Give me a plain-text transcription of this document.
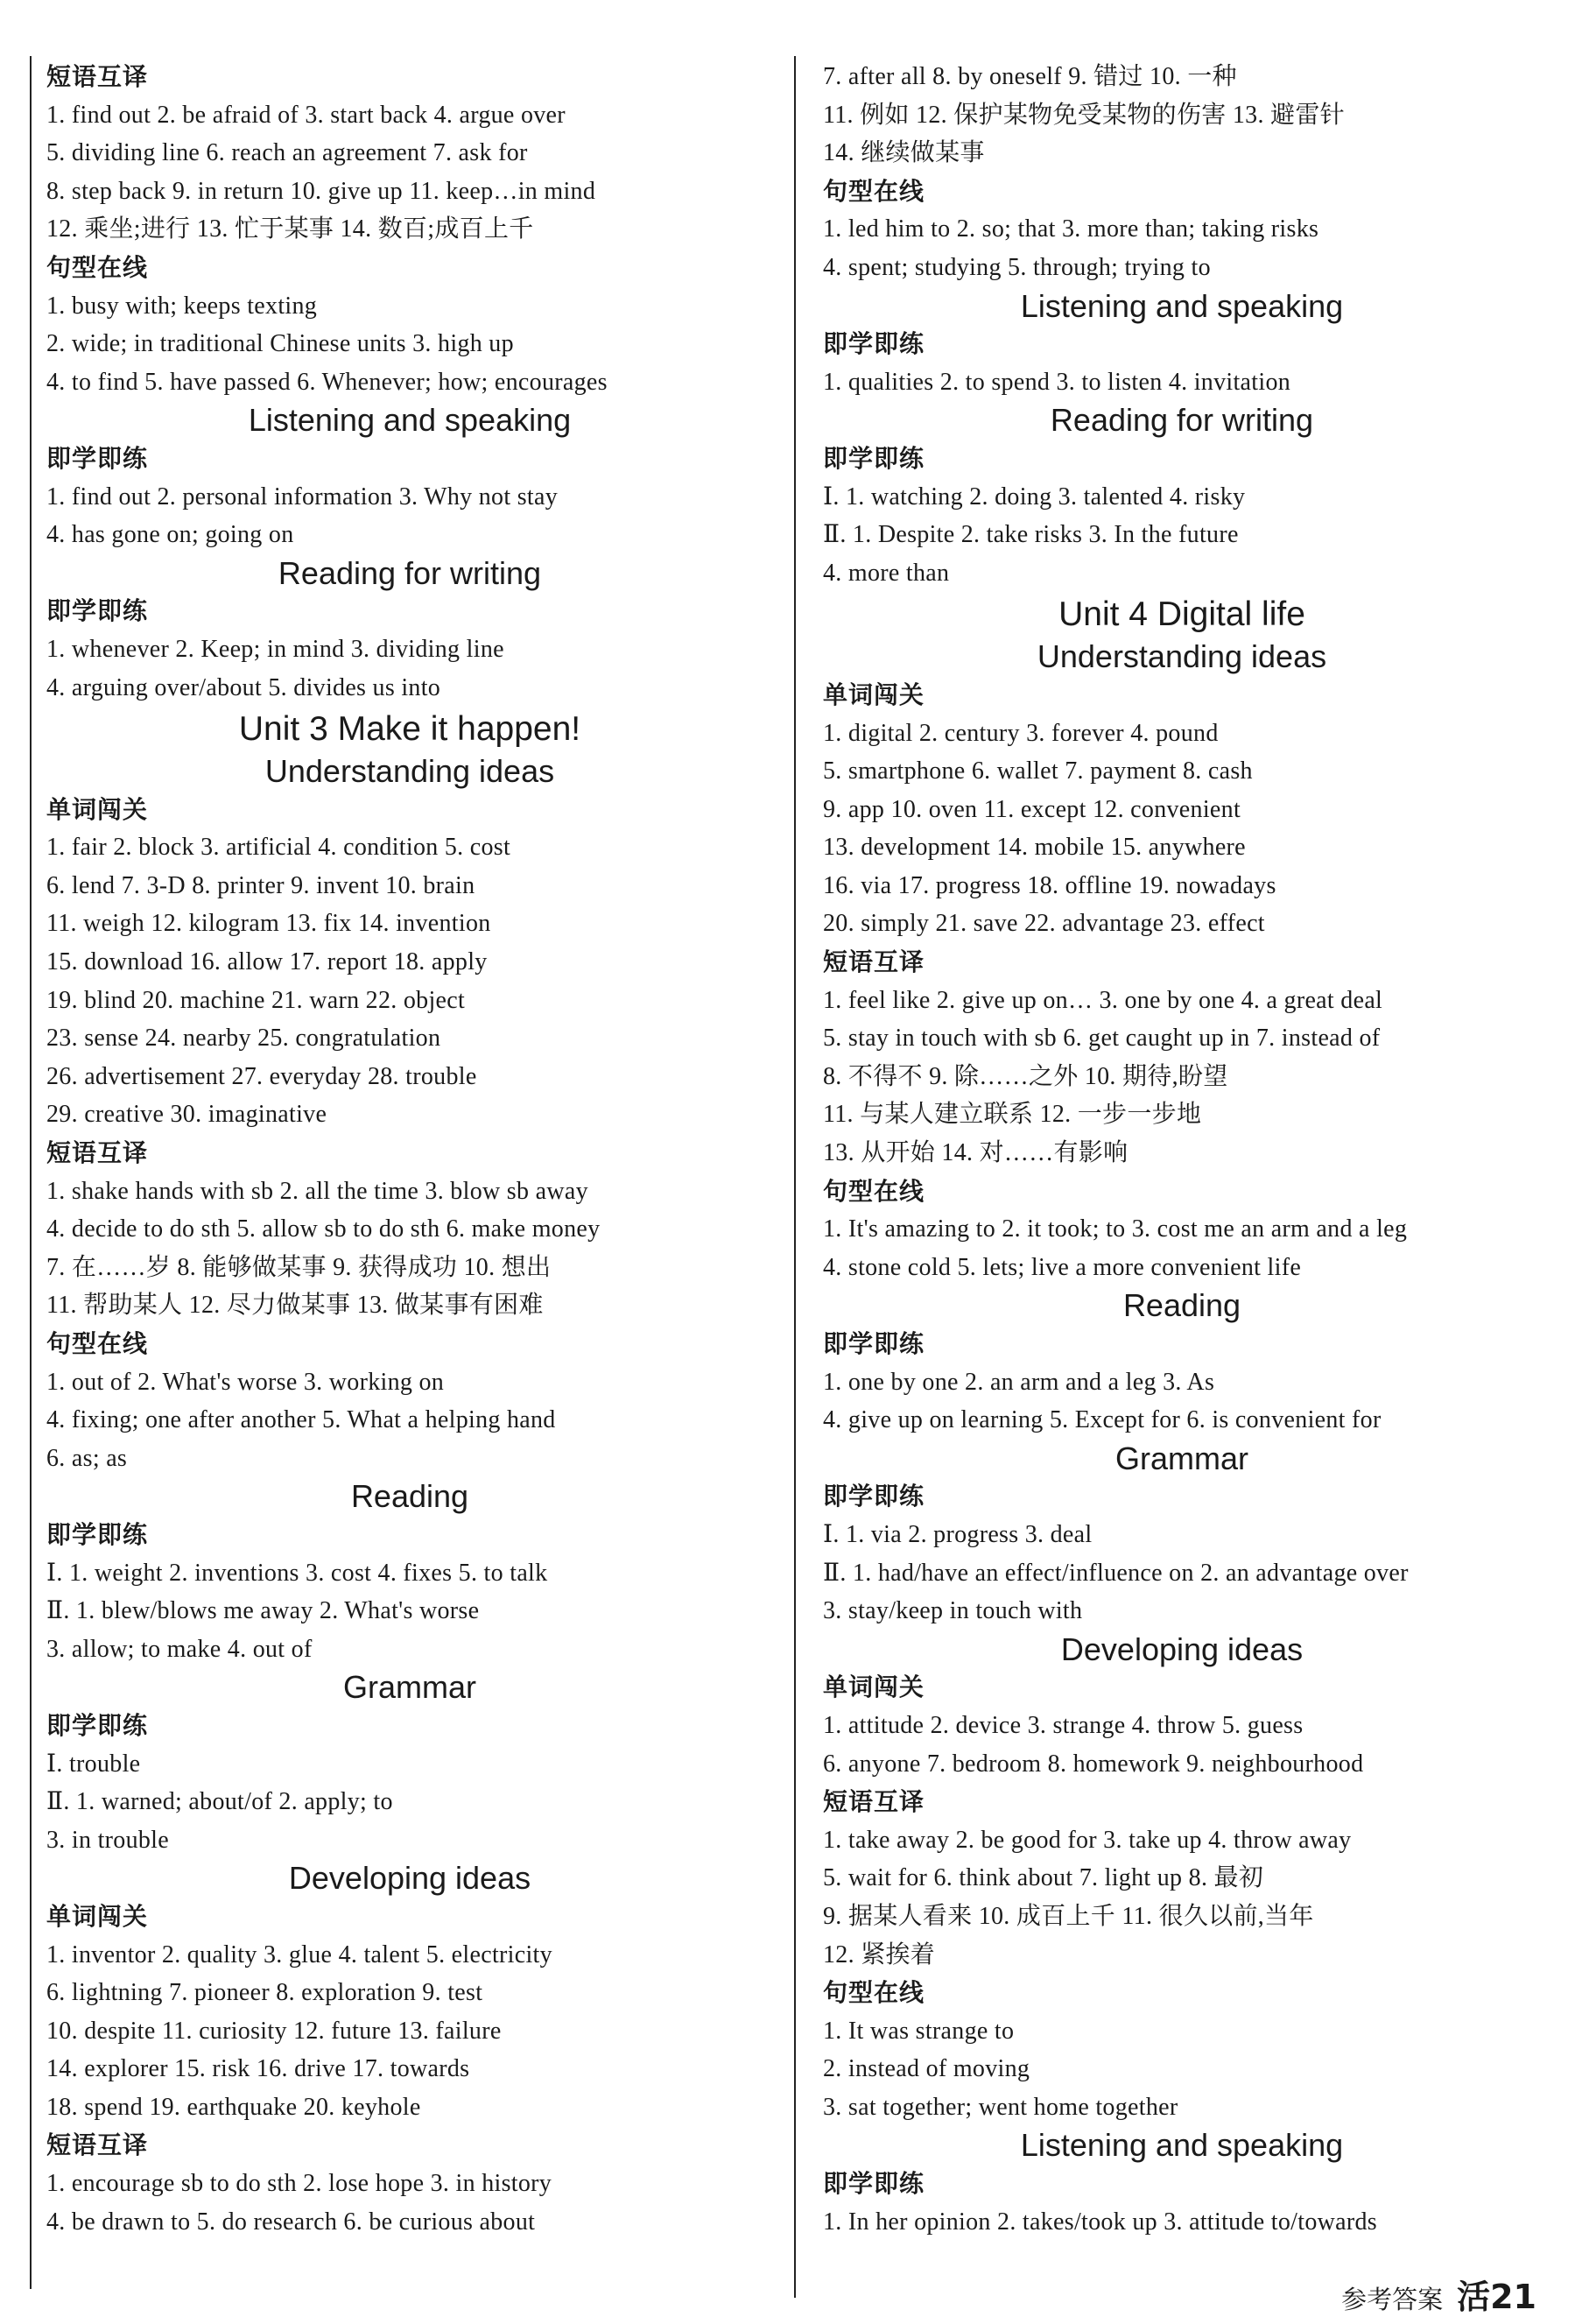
短语互译
1. find out 2. be afraid of 3. start back 4. argue over
5. dividing line 6. reach an agreement 7. ask for
8. step back 9. in return 10. give up 11. keep…in mind
12. 乘坐;进行 13. 忙于某事 14. 数百;成百上千
句型在线
1. busy with; keeps texting
2. wide; in traditional Chinese units 3. high up
4. to find 5. have passed 6. Whenever; how; encourages
Listening and speaking
即学即练
1. find out 2. personal information 3. Why not stay
4. has gone on; going on
Reading for writing
即学即练
1. whenever 2. Keep; in mind 3. dividing line
4. arguing over/about 5. divides us into
Unit 3 Make it happen!
Understanding ideas
单词闯关
1. fair 2. block 3. artificial 4. condition 5. cost
6. lend 7. 3-D 8. printer 9. invent 10. brain
11. weigh 12. kilogram 13. fix 14. invention
15. download 16. allow 17. report 18. apply
19. blind 20. machine 21. warn 22. object
23. sense 24. nearby 25. congratulation
26. advertisement 27. everyday 28. trouble
29. creative 30. imaginative
短语互译
1. shake hands with sb 2. all the time 3. blow sb away
4. decide to do sth 5. allow sb to do sth 6. make money
7. 在……岁 8. 能够做某事 9. 获得成功 10. 想出
11. 帮助某人 12. 尽力做某事 13. 做某事有困难
句型在线
1. out of 2. What's worse 3. working on
4. fixing; one after another 5. What a helping hand
6. as; as
Reading
即学即练
Ⅰ. 1. weight 2. inventions 3. cost 4. fixes 5. to talk
Ⅱ. 1. blew/blows me away 2. What's worse
3. allow; to make 4. out of
Grammar
即学即练
Ⅰ. trouble
Ⅱ. 1. warned; about/of 2. apply; to
3. in trouble
Developing ideas
单词闯关
1. inventor 2. quality 3. glue 4. talent 5. electricity
6. lightning 7. pioneer 8. exploration 9. test
10. despite 11. curiosity 12. future 13. failure
14. explorer 15. risk 16. drive 17. towards
18. spend 19. earthquake 20. keyhole
短语互译
1. encourage sb to do sth 2. lose hope 3. in history
4. be drawn to 5. do research 6. be curious about
7. after all 8. by oneself 9. 错过 10. 一种
11. 例如 12. 保护某物免受某物的伤害 13. 避雷针
14. 继续做某事
句型在线
1. led him to 2. so; that 3. more than; taking risks
4. spent; studying 5. through; trying to
Listening and speaking
即学即练
1. qualities 2. to spend 3. to listen 4. invitation
Reading for writing
即学即练
Ⅰ. 1. watching 2. doing 3. talented 4. risky
Ⅱ. 1. Despite 2. take risks 3. In the future
4. more than
Unit 4 Digital life
Understanding ideas
单词闯关
1. digital 2. century 3. forever 4. pound
5. smartphone 6. wallet 7. payment 8. cash
9. app 10. oven 11. except 12. convenient
13. development 14. mobile 15. anywhere
16. via 17. progress 18. offline 19. nowadays
20. simply 21. save 22. advantage 23. effect
短语互译
1. feel like 2. give up on… 3. one by one 4. a great deal
5. stay in touch with sb 6. get caught up in 7. instead of
8. 不得不 9. 除……之外 10. 期待,盼望
11. 与某人建立联系 12. 一步一步地
13. 从开始 14. 对……有影响
句型在线
1. It's amazing to 2. it took; to 3. cost me an arm and a leg
4. stone cold 5. lets; live a more convenient life
Reading
即学即练
1. one by one 2. an arm and a leg 3. As
4. give up on learning 5. Except for 6. is convenient for
Grammar
即学即练
Ⅰ. 1. via 2. progress 3. deal
Ⅱ. 1. had/have an effect/influence on 2. an advantage over
3. stay/keep in touch with
Developing ideas
单词闯关
1. attitude 2. device 3. strange 4. throw 5. guess
6. anyone 7. bedroom 8. homework 9. neighbourhood
短语互译
1. take away 2. be good for 3. take up 4. throw away
5. wait for 6. think about 7. light up 8. 最初
9. 据某人看来 10. 成百上千 11. 很久以前,当年
12. 紧挨着
句型在线
1. It was strange to
2. instead of moving
3. sat together; went home together
Listening and speaking
即学即练
1. In her opinion 2. takes/took up 3. attitude to/towards
参考答案 活21
